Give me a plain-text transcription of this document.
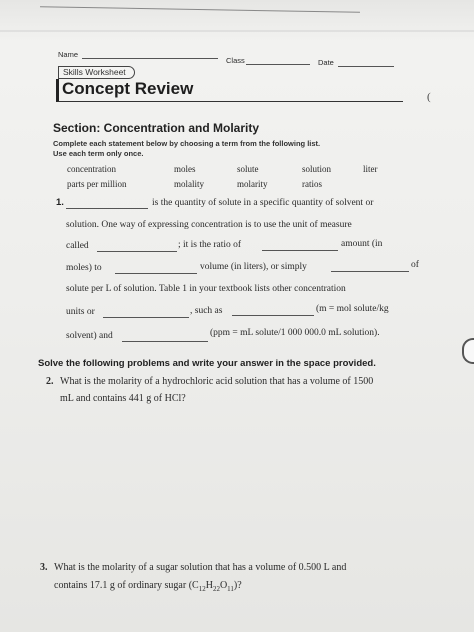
Name
Class	Date
Skills Worksheet
Concept Review	(
Section: Concentration and Molarity
Complete each statement below by choosing a term from the following list.
Use each term only once.
concentration	moles	solute	solution	liter
parts per million	molality	molarity	ratios
1.	is the quantity of solute in a specific quantity of solvent or
solution. One way of expressing concentration is to use the unit of measure
called	; it is the ratio of	amount (in
moles) to	volume (in liters), or simply	of
solute per L of solution. Table 1 in your textbook lists other concentration
units or	, such as	(m = mol solute/kg
solvent) and	(ppm = mL solute/1 000 000.0 mL solution).
Solve the following problems and write your answer in the space provided.
2. What is the molarity of a hydrochloric acid solution that has a volume of 1500
mL and contains 441 g of HCl?
3. What is the molarity of a sugar solution that has a volume of 0.500 L and
contains 17.1 g of ordinary sugar $(C_{12}H_{22}O_{11})$?
